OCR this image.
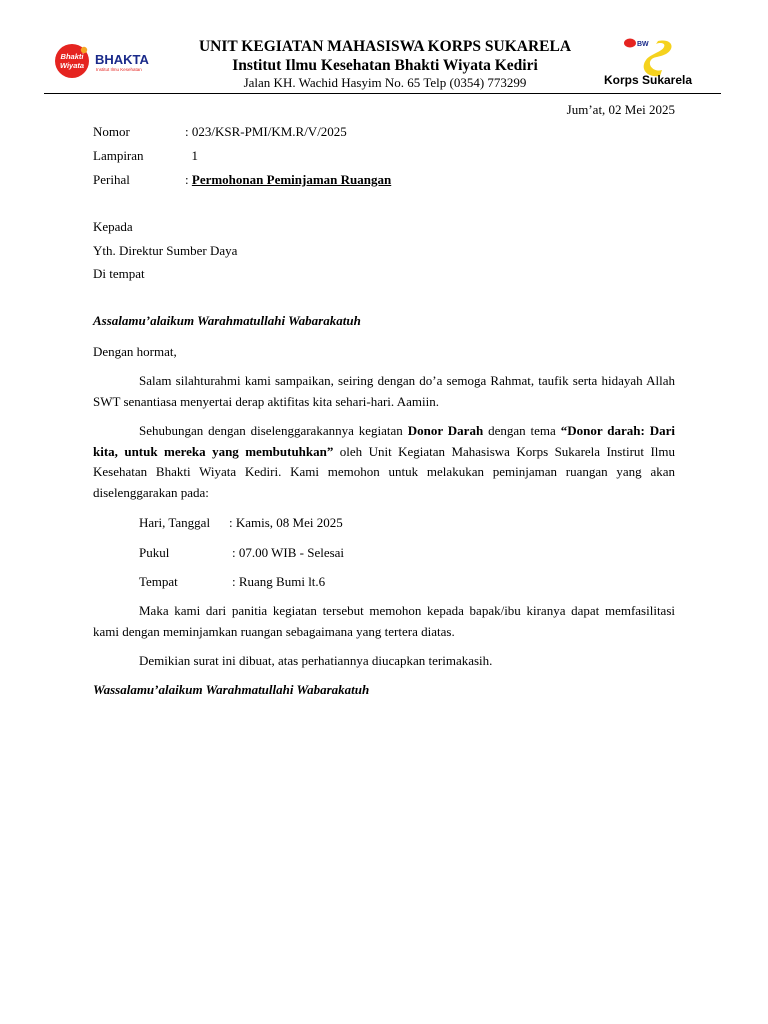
Bhakti
Wiyata BHAKTA
Institut Ilmu Kesehatan
UNIT KEGIATAN MAHASISWA KORPS SUKARELA
Institut Ilmu Kesehatan Bhakti Wiyata Kediri
Jalan KH. Wachid Hasyim No. 65 Telp (0354) 773299
BW
Korps Sukarela
Jum’at, 02 Mei 2025
Nomor	: 023/KSR-PMI/KM.R/V/2025
Lampiran	1
Perihal	: Permohonan Peminjaman Ruangan
Kepada
Yth. Direktur Sumber Daya
Di tempat
Assalamu’alaikum Warahmatullahi Wabarakatuh
Dengan hormat,
Salam silahturahmi kami sampaikan, seiring dengan do’a semoga Rahmat, taufik serta hidayah Allah SWT senantiasa menyertai derap aktifitas kita sehari-hari. Aamiin.
Sehubungan dengan diselenggarakannya kegiatan Donor Darah dengan tema “Donor darah: Dari kita, untuk mereka yang membutuhkan” oleh Unit Kegiatan Mahasiswa Korps Sukarela Instirut Ilmu Kesehatan Bhakti Wiyata Kediri. Kami memohon untuk melakukan peminjaman ruangan yang akan diselenggarakan pada:
Hari, Tanggal : Kamis, 08 Mei 2025
Pukul	: 07.00 WIB - Selesai
Tempat	: Ruang Bumi lt.6
Maka kami dari panitia kegiatan tersebut memohon kepada bapak/ibu kiranya dapat memfasilitasi kami dengan meminjamkan ruangan sebagaimana yang tertera diatas.
Demikian surat ini dibuat, atas perhatiannya diucapkan terimakasih.
Wassalamu’alaikum Warahmatullahi Wabarakatuh
